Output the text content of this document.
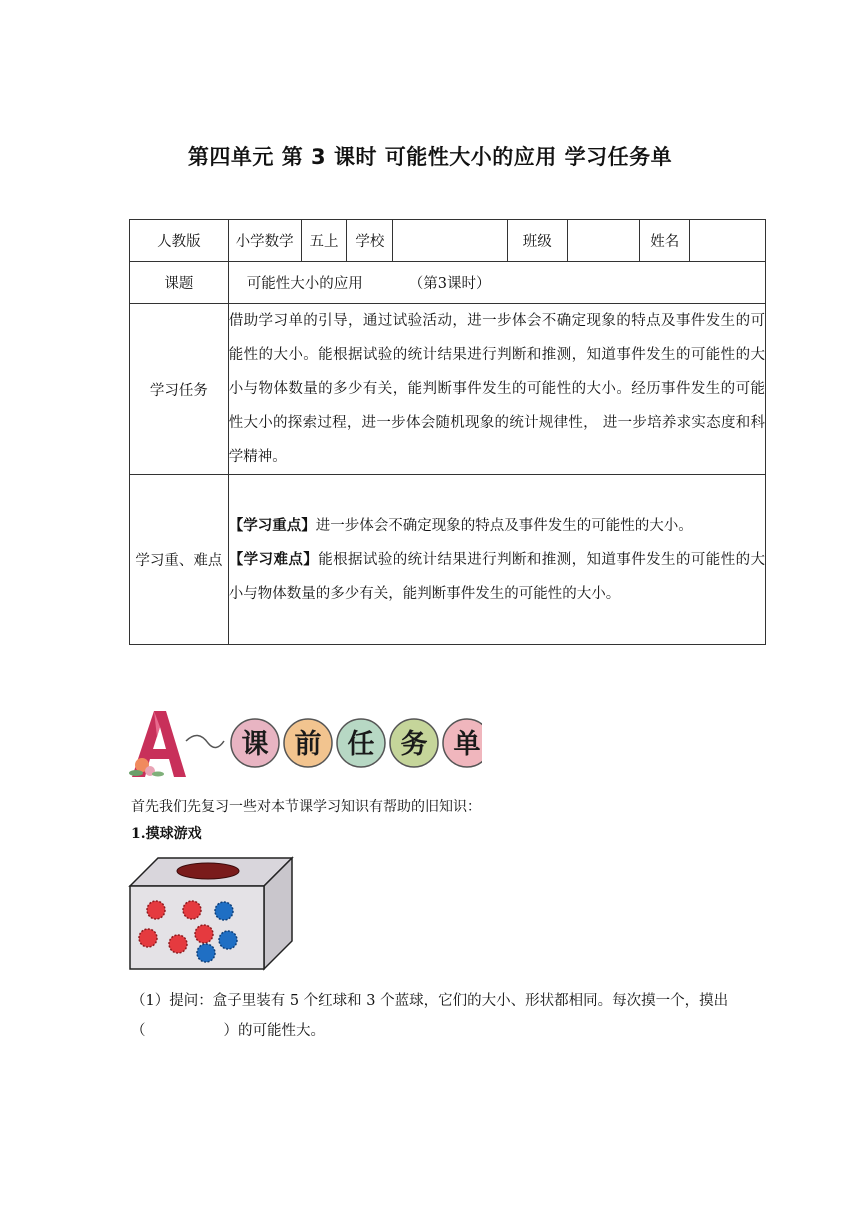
第四单元 第 3 课时 可能性大小的应用 学习任务单
人教版	小学数学	五上	学校		班级		姓名	
课题	可能性大小的应用 （第3课时）							
学习任务	借助学习单的引导，通过试验活动，进一步体会不确定现象的特点及事件发生的可能性的大小。能根据试验的统计结果进行判断和推测，知道事件发生的可能性的大小与物体数量的多少有关，能判断事件发生的可能性的大小。经历事件发生的可能性大小的探索过程，进一步体会随机现象的统计规律性， 进一步培养求实态度和科学精神。							
学习重、难点	【学习重点】进一步体会不确定现象的特点及事件发生的可能性的大小。
【学习难点】能根据试验的统计结果进行判断和推测，知道事件发生的可能性的大小与物体数量的多少有关，能判断事件发生的可能性的大小。							
A
课 前 任 务 单
首先我们先复习一些对本节课学习知识有帮助的旧知识：
1.摸球游戏
（1）提问：盒子里装有 5 个红球和 3 个蓝球，它们的大小、形状都相同。每次摸一个，摸出（	）的可能性大。
